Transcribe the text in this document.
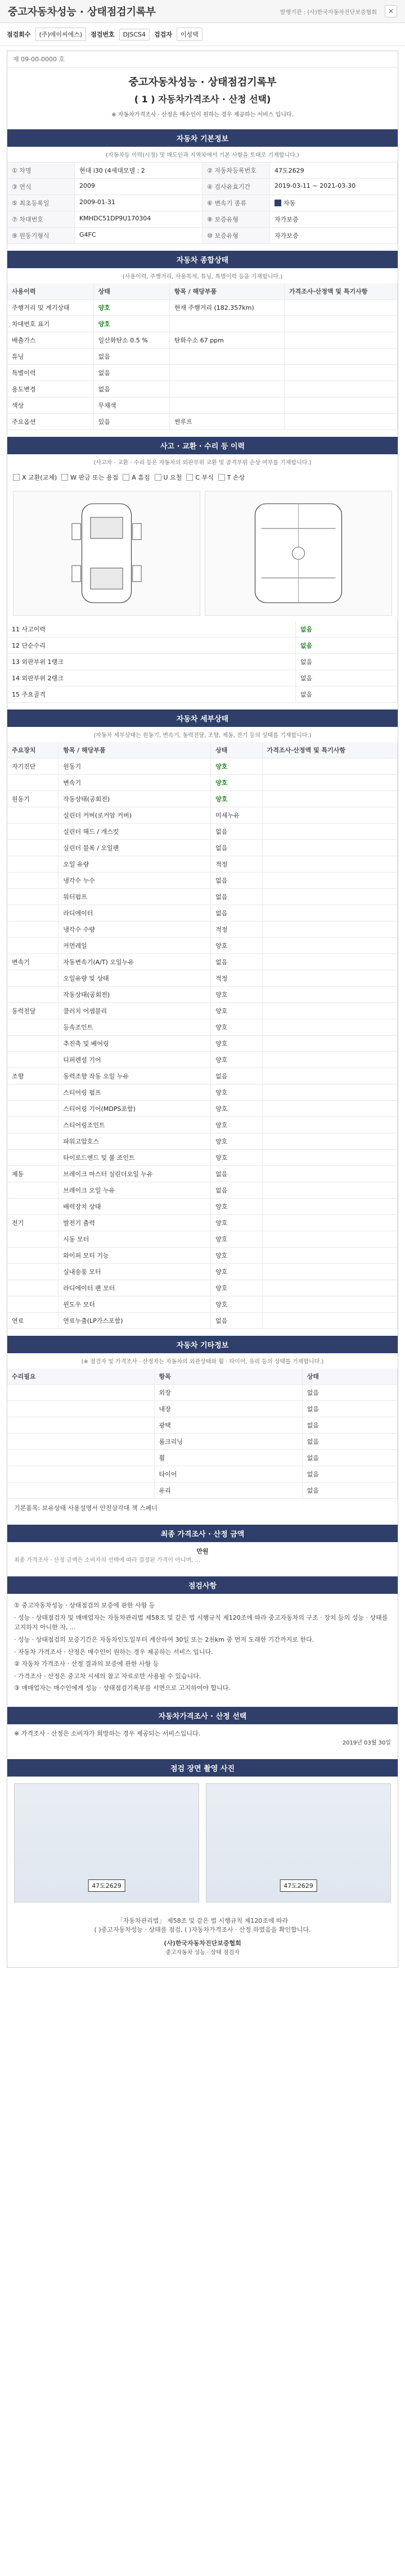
중고자동차성능 · 상태점검기록부	발행기관 : (사)한국자동차진단보증협회	✕
점검회수	(주)에이씨에스)	점검번호	DJSCS4	검검자	이성택
제 09-00-0000 호
중고자동차성능 · 상태점검기록부
( 1 ) 자동차가격조사 · 산정 선택)
※ 자동차가격조사 · 산정은 매수인이 원하는 경우 제공하는 서비스 입니다.
자동차 기본정보
(자동차등 이력(시정) 및 매도인과 지역차에서 기본 사항을 토대로 기재합니다.)
① 차명	현대 i30 (4세대모델 : 2	② 자동차등록번호	47도2629
③ 연식	2009	④ 검사유효기간	2019-03-11 ~ 2021-03-30
⑤ 최초등록일	2009-01-31	⑥ 변속기 종류	자동
⑦ 차대번호	KMHDC51DP9U170304	⑧ 보증유형	자가보증
⑨ 원동기형식	G4FC	⑩ 보증유형	자가보증
자동차 종합상태
(사용이력, 주행거리, 사용목적, 튜닝, 특별이력 등을 기재합니다.)
사용이력	상태	항목 / 해당부품	가격조사·산정액 및 특기사항
주행거리 및 계기상태	양호	현재 주행거리 (182,357km)	
차대번호 표기	양호		
배출가스	일산화탄소 0.5 %	탄화수소 67 ppm	
튜닝	없음		
특별이력	없음		
용도변경	없음		
색상	무채색		
주요옵션	있음	썬루프	
사고 · 교환 · 수리 등 이력
(사고차 · 교환 · 수리 등은 자동차의 외판부위 교환 및 골격부위 손상 여부를 기재합니다.)
X 교환(교체) W 판금 또는 용접 A 흠집 U 요철 C 부식 T 손상
11 사고이력	없음
12 단순수리	없음
13 외판부위 1랭크	없음
14 외판부위 2랭크	없음
15 주요골격	없음
자동차 세부상태
(자동차 세부상태는 원동기, 변속기, 동력전달, 조향, 제동, 전기 등의 상태를 기재합니다.)
주요장치	항목 / 해당부품	상태	가격조사·산정액 및 특기사항
자기진단	원동기	양호	
	변속기	양호	
원동기	작동상태(공회전)	양호	
	실린더 커버(로커암 커버)	미세누유	
	실린더 헤드 / 개스킷	없음	
	실린더 블록 / 오일팬	없음	
	오일 유량	적정	
	냉각수 누수	없음	
	워터펌프	없음	
	라디에이터	없음	
	냉각수 수량	적정	
	커먼레일	양호	
변속기	자동변속기(A/T) 오일누유	없음	
	오일유량 및 상태	적정	
	작동상태(공회전)	양호	
동력전달	클러치 어셈블리	양호	
	등속조인트	양호	
	추진축 및 베어링	양호	
	디퍼렌셜 기어	양호	
조향	동력조향 작동 오일 누유	없음	
	스티어링 펌프	양호	
	스티어링 기어(MDPS포함)	양호	
	스티어링조인트	양호	
	파워고압호스	양호	
	타이로드엔드 및 볼 조인트	양호	
제동	브레이크 마스터 실린더오일 누유	없음	
	브레이크 오일 누유	없음	
	배력장치 상태	양호	
전기	발전기 출력	양호	
	시동 모터	양호	
	와이퍼 모터 기능	양호	
	실내송풍 모터	양호	
	라디에이터 팬 모터	양호	
	윈도우 모터	양호	
연료	연료누출(LP가스포함)	없음	
자동차 기타정보
(※ 점검자 및 가격조사 · 산정자는 자동차의 외관상태와 휠 · 타이어, 유리 등의 상태를 기재합니다.)
수리필요	항목	상태
	외장	없음
	내장	없음
	광택	없음
	룸크리닝	없음
	휠	없음
	타이어	없음
	유리	없음
기본품목: 보유상태 사용설명서 안전삼각대 잭 스페너
최종 가격조사 · 산정 금액
만원
최종 가격조사 · 산정 금액은 소비자의 선택에 따라 결정된 가격이 아니며, ...
점검사항

① 중고자동차성능 · 상태점검의 보증에 관한 사항 등

· 성능 · 상태점검자 및 매매업자는 자동차관리법 제58조 및 같은 법 시행규칙 제120조에 따라 중고자동차의 구조 · 장치 등의 성능 · 상태를 고지하지 아니한 자, ...

· 성능 · 상태점검의 보증기간은 자동차인도일부터 계산하여 30일 또는 2천km 중 먼저 도래한 기간까지로 한다.

· 자동차 가격조사 · 산정은 매수인이 원하는 경우 제공하는 서비스 입니다.

② 자동차 가격조사 · 산정 결과의 보증에 관한 사항 등

· 가격조사 · 산정은 중고차 시세의 참고 자료로만 사용될 수 있습니다.

③ 매매업자는 매수인에게 성능 · 상태점검기록부를 서면으로 고지하여야 합니다.

자동차가격조사 · 산정 선택
※ 가격조사 · 산정은 소비자가 희망하는 경우 제공되는 서비스입니다.
2019년 03월 30일
점검 장면 촬영 사진
47도2629	47도2629
「자동차관리법」 제58조 및 같은 법 시행규칙 제120조에 따라
( )중고자동차성능 · 상태를 점검, ( )자동차가격조사 · 산정 하였음을 확인합니다.
(사)한국자동차진단보증협회
중고자동차 성능 · 상태 점검자
